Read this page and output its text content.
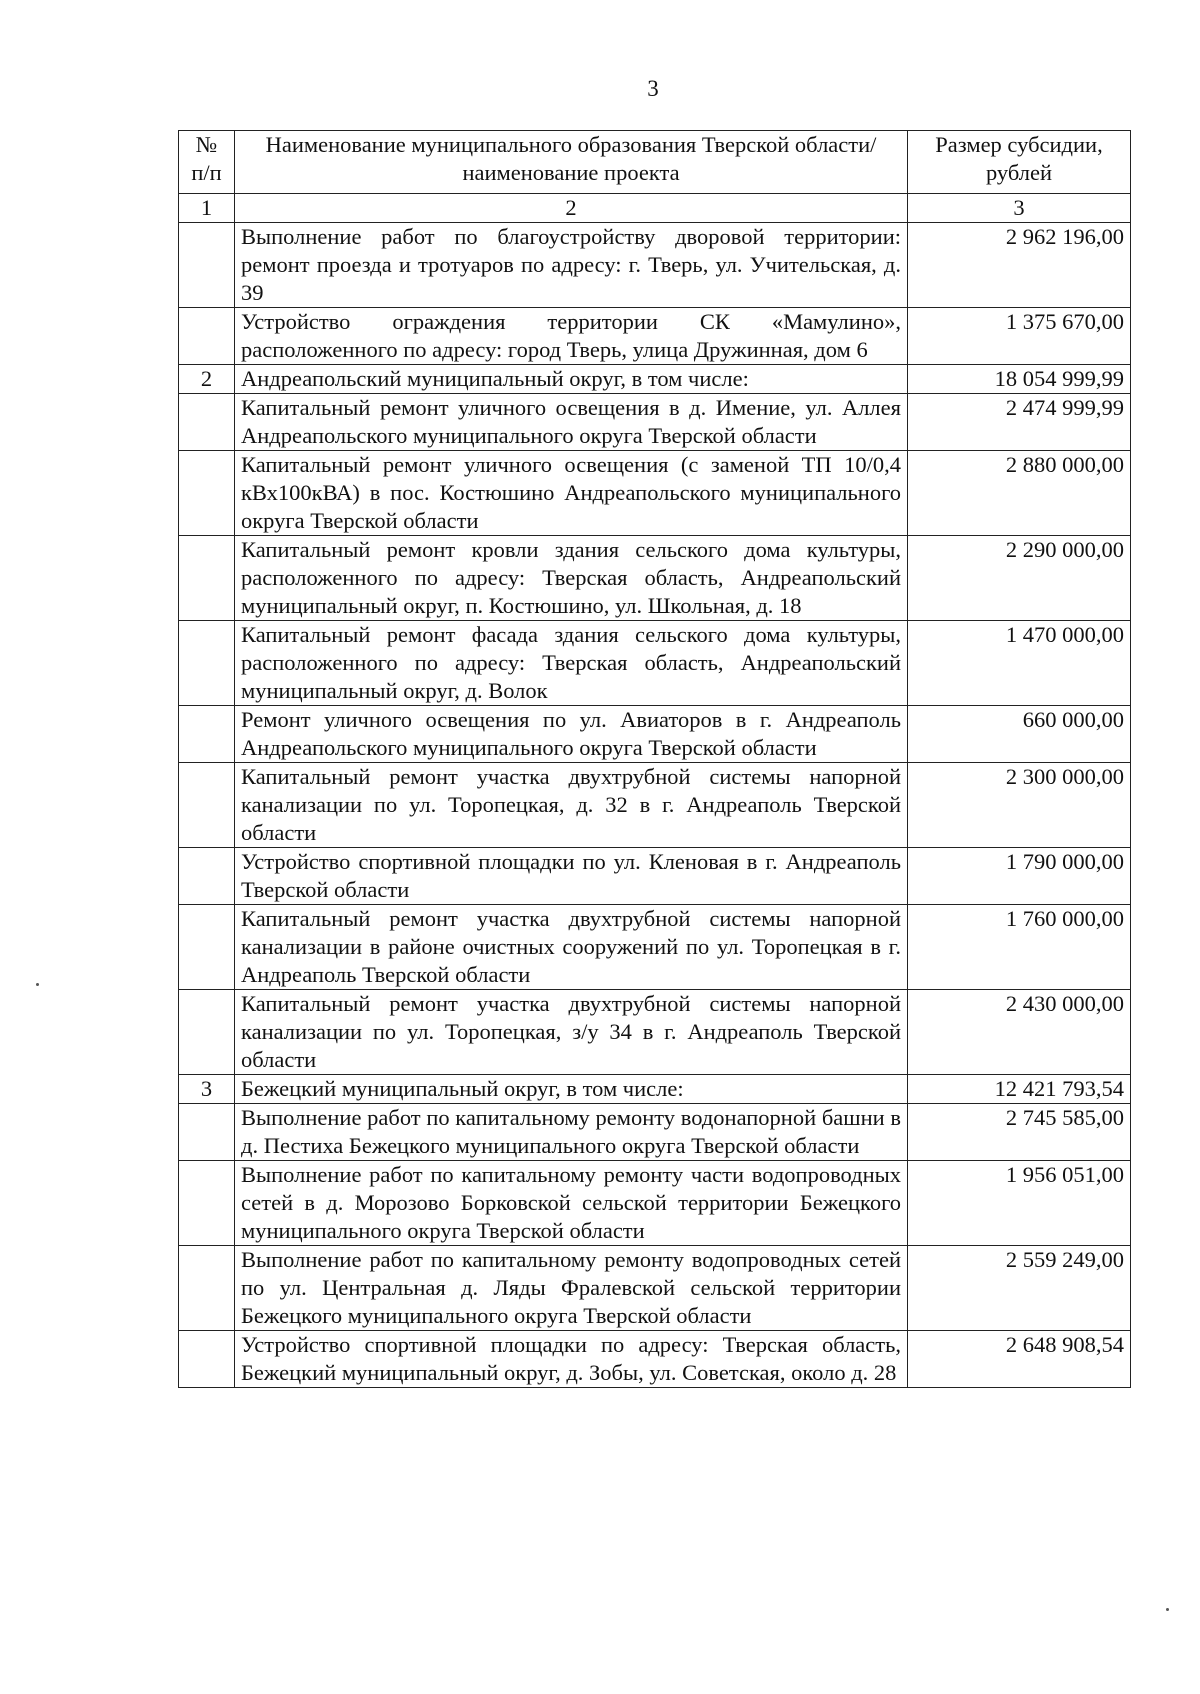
3
№ п/п	Наименование муниципального образования Тверской области/наименование проекта	Размер субсидии, рублей
1	2	3
	Выполнение работ по благоустройству дворовой территории: ремонт проезда и тротуаров по адресу: г. Тверь, ул. Учительская, д. 39	2 962 196,00
	Устройство ограждения территории СК «Мамулино», расположенного по адресу: город Тверь, улица Дружинная, дом 6	1 375 670,00
2	Андреапольский муниципальный округ, в том числе:	18 054 999,99
	Капитальный ремонт уличного освещения в д. Имение, ул. Аллея Андреапольского муниципального округа Тверской области	2 474 999,99
	Капитальный ремонт уличного освещения (с заменой ТП 10/0,4 кВх100кВА) в пос. Костюшино Андреапольского муниципального округа Тверской области	2 880 000,00
	Капитальный ремонт кровли здания сельского дома культуры, расположенного по адресу: Тверская область, Андреапольский муниципальный округ, п. Костюшино, ул. Школьная, д. 18	2 290 000,00
	Капитальный ремонт фасада здания сельского дома культуры, расположенного по адресу: Тверская область, Андреапольский муниципальный округ, д. Волок	1 470 000,00
	Ремонт уличного освещения по ул. Авиаторов в г. Андреаполь Андреапольского муниципального округа Тверской области	660 000,00
	Капитальный ремонт участка двухтрубной системы напорной канализации по ул. Торопецкая, д. 32 в г. Андреаполь Тверской области	2 300 000,00
	Устройство спортивной площадки по ул. Кленовая в г. Андреаполь Тверской области	1 790 000,00
	Капитальный ремонт участка двухтрубной системы напорной канализации в районе очистных сооружений по ул. Торопецкая в г. Андреаполь Тверской области	1 760 000,00
	Капитальный ремонт участка двухтрубной системы напорной канализации по ул. Торопецкая, з/у 34 в г. Андреаполь Тверской области	2 430 000,00
3	Бежецкий муниципальный округ, в том числе:	12 421 793,54
	Выполнение работ по капитальному ремонту водонапорной башни в д. Пестиха Бежецкого муниципального округа Тверской области	2 745 585,00
	Выполнение работ по капитальному ремонту части водопроводных сетей в д. Морозово Борковской сельской территории Бежецкого муниципального округа Тверской области	1 956 051,00
	Выполнение работ по капитальному ремонту водопроводных сетей по ул. Центральная д. Ляды Фралевской сельской территории Бежецкого муниципального округа Тверской области	2 559 249,00
	Устройство спортивной площадки по адресу: Тверская область, Бежецкий муниципальный округ, д. Зобы, ул. Советская, около д. 28	2 648 908,54
